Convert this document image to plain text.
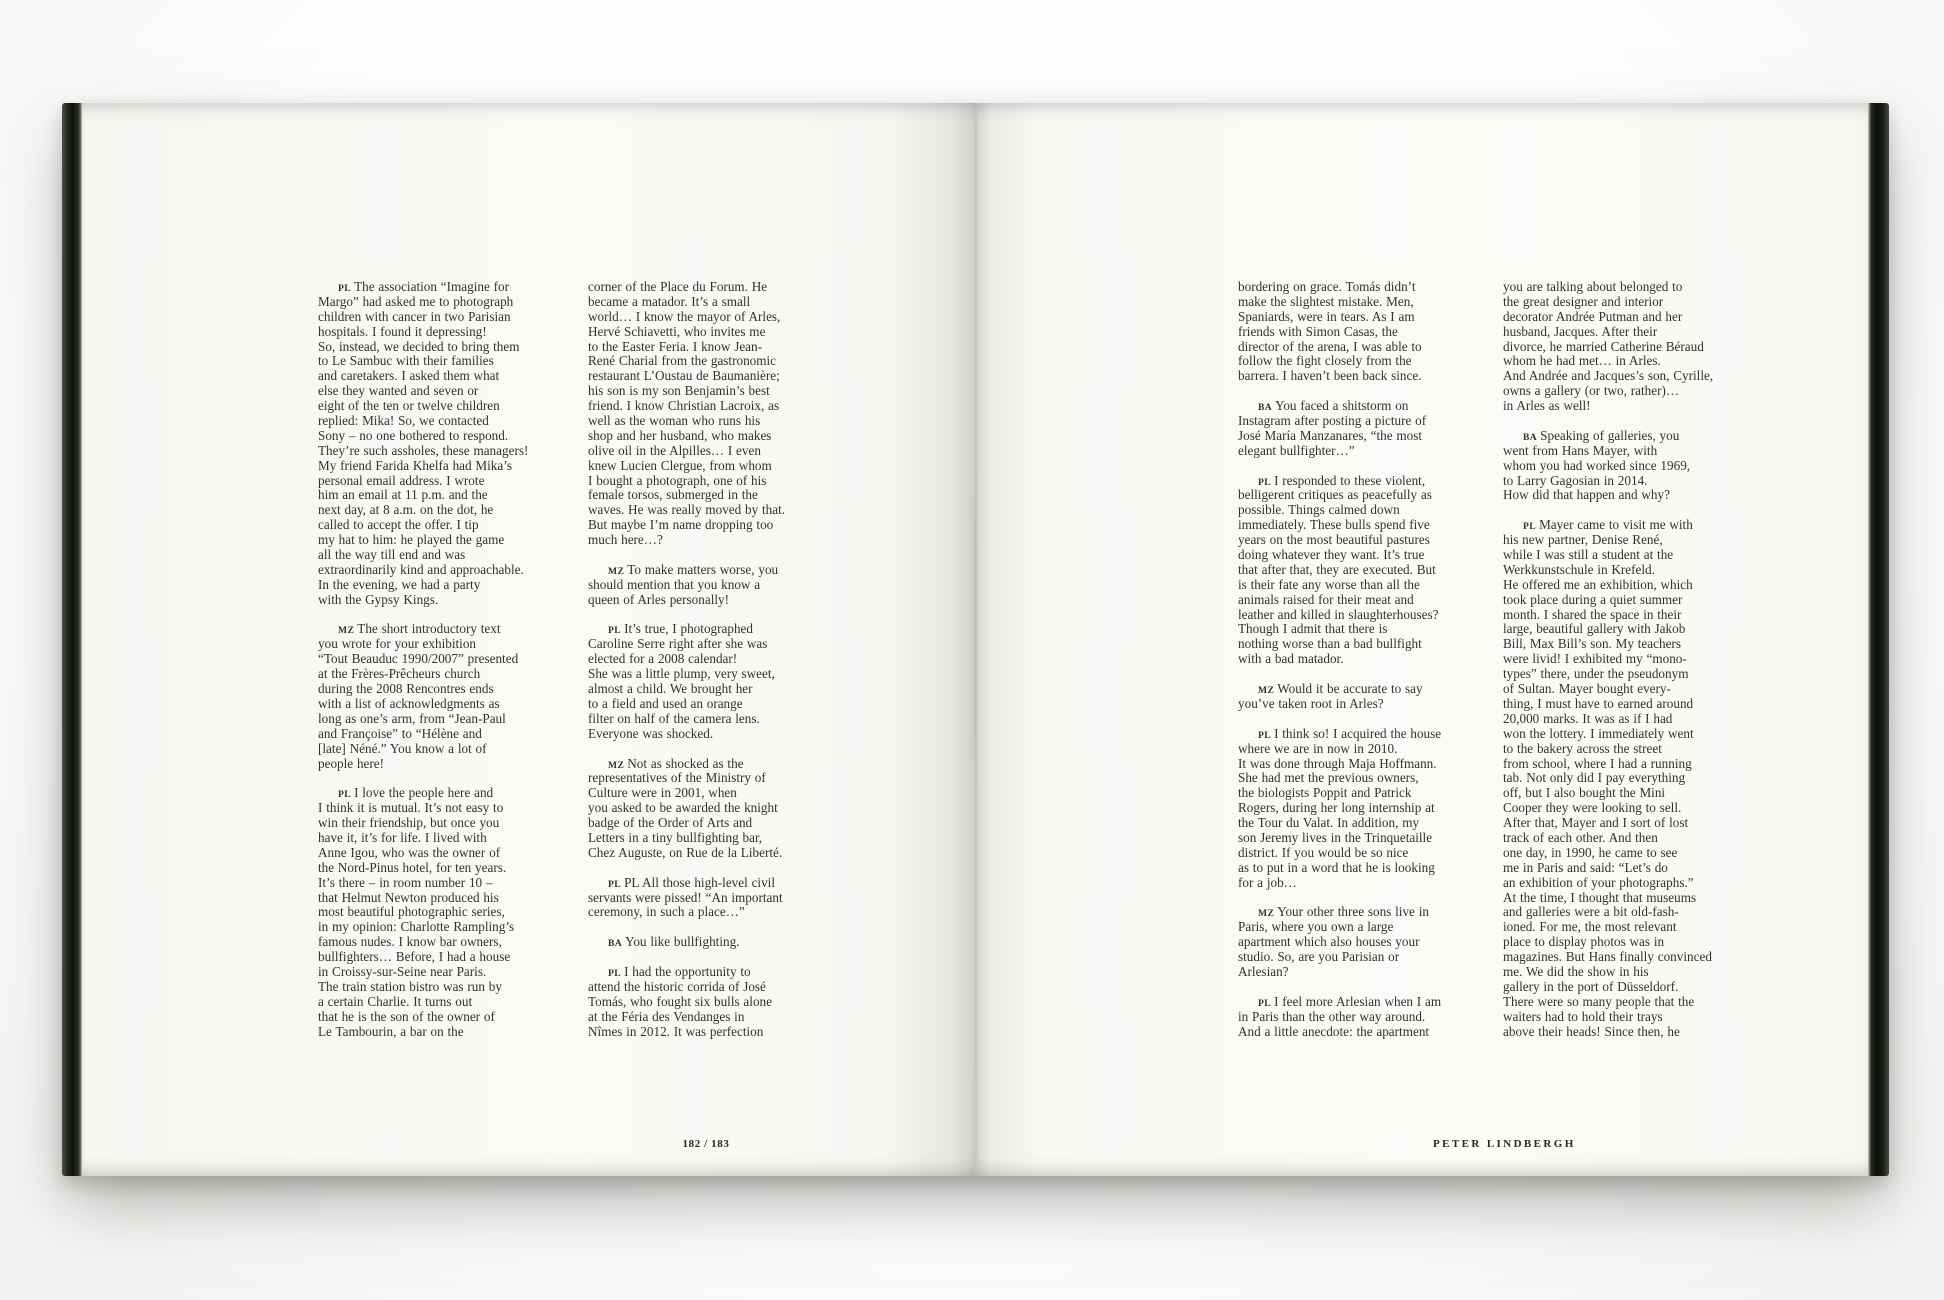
PL The association “Imagine for
Margo” had asked me to photograph
children with cancer in two Parisian
hospitals. I found it depressing!
So, instead, we decided to bring them
to Le Sambuc with their families
and caretakers. I asked them what
else they wanted and seven or
eight of the ten or twelve children
replied: Mika! So, we contacted
Sony – no one bothered to respond.
They’re such assholes, these managers!
My friend Farida Khelfa had Mika’s
personal email address. I wrote
him an email at 11 p.m. and the
next day, at 8 a.m. on the dot, he
called to accept the offer. I tip
my hat to him: he played the game
all the way till end and was
extraordinarily kind and approachable.
In the evening, we had a party
with the Gypsy Kings.
MZ The short introductory text
you wrote for your exhibition
“Tout Beauduc 1990/2007” presented
at the Frères-Prêcheurs church
during the 2008 Rencontres ends
with a list of acknowledgments as
long as one’s arm, from “Jean-Paul
and Françoise” to “Hélène and
[late] Néné.” You know a lot of
people here!
PL I love the people here and
I think it is mutual. It’s not easy to
win their friendship, but once you
have it, it’s for life. I lived with
Anne Igou, who was the owner of
the Nord-Pinus hotel, for ten years.
It’s there – in room number 10 –
that Helmut Newton produced his
most beautiful photographic series,
in my opinion: Charlotte Rampling’s
famous nudes. I know bar owners,
bullfighters… Before, I had a house
in Croissy-sur-Seine near Paris.
The train station bistro was run by
a certain Charlie. It turns out
that he is the son of the owner of
Le Tambourin, a bar on the
corner of the Place du Forum. He
became a matador. It’s a small
world… I know the mayor of Arles,
Hervé Schiavetti, who invites me
to the Easter Feria. I know Jean-
René Charial from the gastronomic
restaurant L’Oustau de Baumanière;
his son is my son Benjamin’s best
friend. I know Christian Lacroix, as
well as the woman who runs his
shop and her husband, who makes
olive oil in the Alpilles… I even
knew Lucien Clergue, from whom
I bought a photograph, one of his
female torsos, submerged in the
waves. He was really moved by that.
But maybe I’m name dropping too
much here…?
MZ To make matters worse, you
should mention that you know a
queen of Arles personally!
PL It’s true, I photographed
Caroline Serre right after she was
elected for a 2008 calendar!
She was a little plump, very sweet,
almost a child. We brought her
to a field and used an orange
filter on half of the camera lens.
Everyone was shocked.
MZ Not as shocked as the
representatives of the Ministry of
Culture were in 2001, when
you asked to be awarded the knight
badge of the Order of Arts and
Letters in a tiny bullfighting bar,
Chez Auguste, on Rue de la Liberté.
PL PL All those high-level civil
servants were pissed! “An important
ceremony, in such a place…”
BA You like bullfighting.
PL I had the opportunity to
attend the historic corrida of José
Tomás, who fought six bulls alone
at the Féria des Vendanges in
Nîmes in 2012. It was perfection
bordering on grace. Tomás didn’t
make the slightest mistake. Men,
Spaniards, were in tears. As I am
friends with Simon Casas, the
director of the arena, I was able to
follow the fight closely from the
barrera. I haven’t been back since.
BA You faced a shitstorm on
Instagram after posting a picture of
José María Manzanares, “the most
elegant bullfighter…”
PL I responded to these violent,
belligerent critiques as peacefully as
possible. Things calmed down
immediately. These bulls spend five
years on the most beautiful pastures
doing whatever they want. It’s true
that after that, they are executed. But
is their fate any worse than all the
animals raised for their meat and
leather and killed in slaughterhouses?
Though I admit that there is
nothing worse than a bad bullfight
with a bad matador.
MZ Would it be accurate to say
you’ve taken root in Arles?
PL I think so! I acquired the house
where we are in now in 2010.
It was done through Maja Hoffmann.
She had met the previous owners,
the biologists Poppit and Patrick
Rogers, during her long internship at
the Tour du Valat. In addition, my
son Jeremy lives in the Trinquetaille
district. If you would be so nice
as to put in a word that he is looking
for a job…
MZ Your other three sons live in
Paris, where you own a large
apartment which also houses your
studio. So, are you Parisian or
Arlesian?
PL I feel more Arlesian when I am
in Paris than the other way around.
And a little anecdote: the apartment
you are talking about belonged to
the great designer and interior
decorator Andrée Putman and her
husband, Jacques. After their
divorce, he married Catherine Béraud
whom he had met… in Arles.
And Andrée and Jacques’s son, Cyrille,
owns a gallery (or two, rather)…
in Arles as well!
BA Speaking of galleries, you
went from Hans Mayer, with
whom you had worked since 1969,
to Larry Gagosian in 2014.
How did that happen and why?
PL Mayer came to visit me with
his new partner, Denise René,
while I was still a student at the
Werkkunstschule in Krefeld.
He offered me an exhibition, which
took place during a quiet summer
month. I shared the space in their
large, beautiful gallery with Jakob
Bill, Max Bill’s son. My teachers
were livid! I exhibited my “mono-
types” there, under the pseudonym
of Sultan. Mayer bought every-
thing, I must have to earned around
20,000 marks. It was as if I had
won the lottery. I immediately went
to the bakery across the street
from school, where I had a running
tab. Not only did I pay everything
off, but I also bought the Mini
Cooper they were looking to sell.
After that, Mayer and I sort of lost
track of each other. And then
one day, in 1990, he came to see
me in Paris and said: “Let’s do
an exhibition of your photographs.”
At the time, I thought that museums
and galleries were a bit old-fash-
ioned. For me, the most relevant
place to display photos was in
magazines. But Hans finally convinced
me. We did the show in his
gallery in the port of Düsseldorf.
There were so many people that the
waiters had to hold their trays
above their heads! Since then, he
182 / 183	PETER LINDBERGH
